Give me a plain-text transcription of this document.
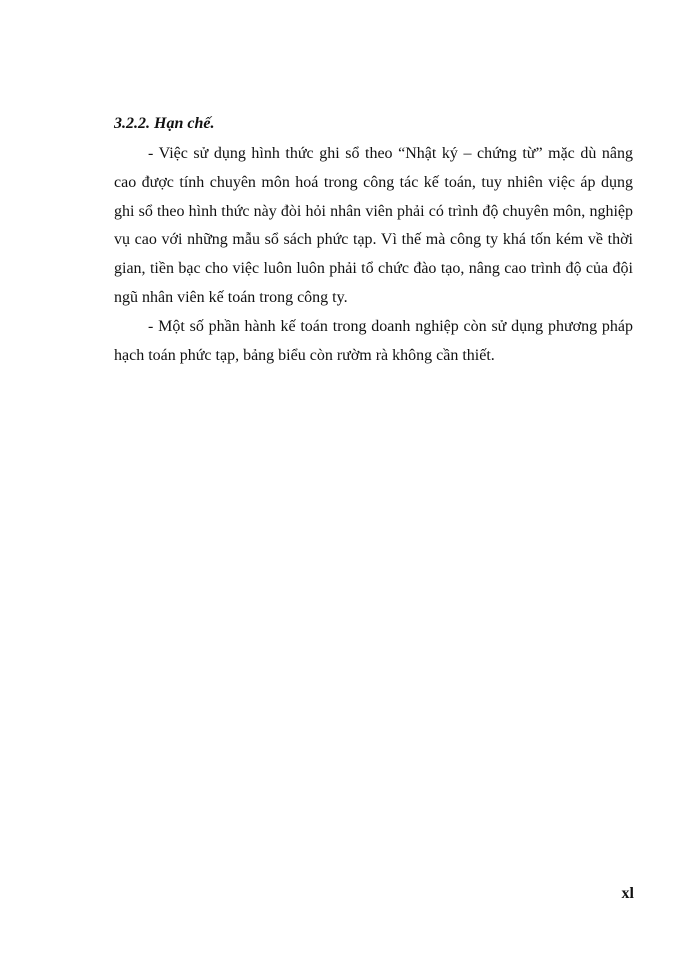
3.2.2. Hạn chế.

- Việc sử dụng hình thức ghi sổ theo “Nhật ký – chứng từ” mặc dù nâng cao được tính chuyên môn hoá trong công tác kế toán, tuy nhiên việc áp dụng ghi sổ theo hình thức này đòi hỏi nhân viên phải có trình độ chuyên môn, nghiệp vụ cao với những mẫu sổ sách phức tạp. Vì thế mà công ty khá tốn kém về thời gian, tiền bạc cho việc luôn luôn phải tổ chức đào tạo, nâng cao trình độ của đội ngũ nhân viên kế toán trong công ty.

- Một số phần hành kế toán trong doanh nghiệp còn sử dụng phương pháp hạch toán phức tạp, bảng biểu còn rườm rà không cần thiết.

xl
